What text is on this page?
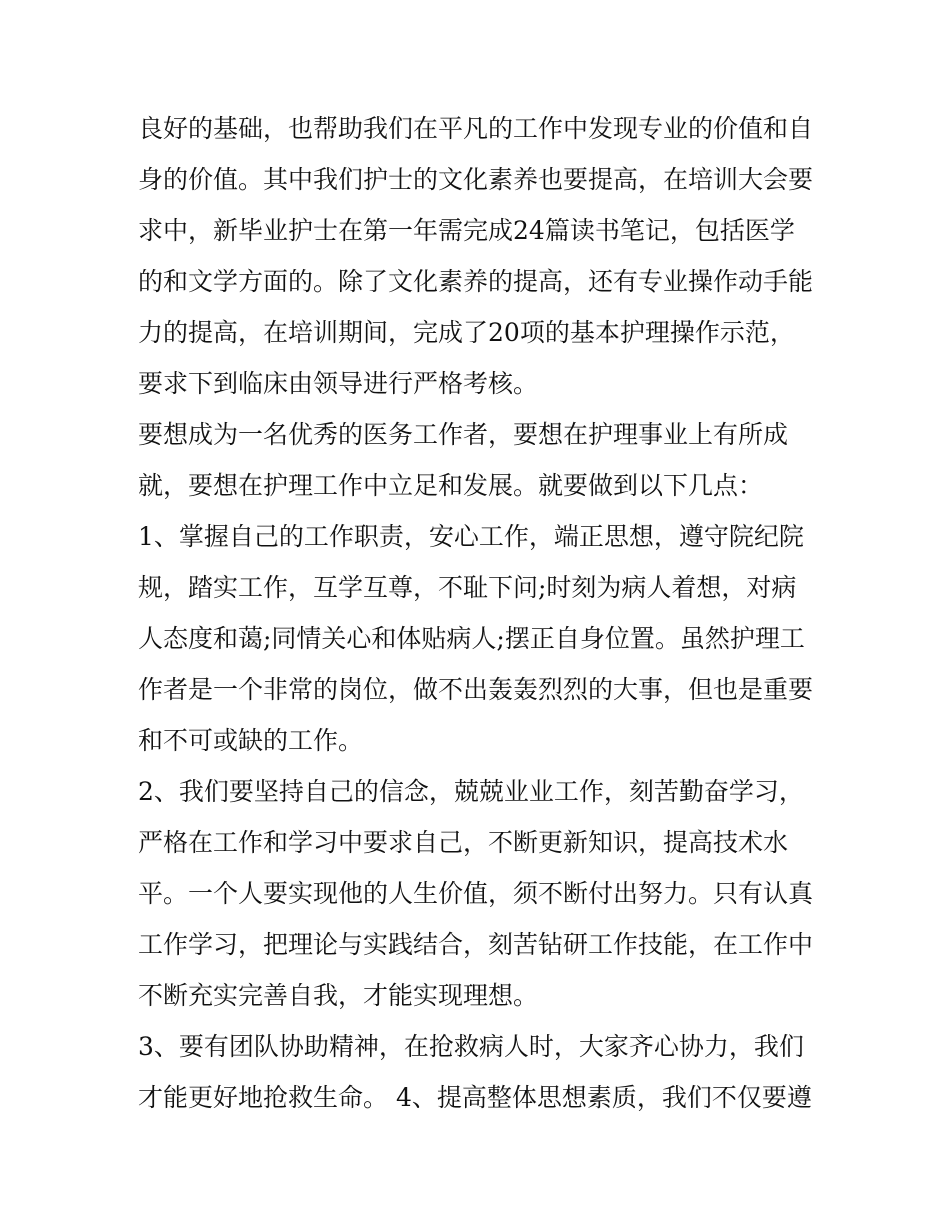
良好的基础，也帮助我们在平凡的工作中发现专业的价值和自
身的价值。其中我们护士的文化素养也要提高，在培训大会要
求中，新毕业护士在第一年需完成24篇读书笔记，包括医学
的和文学方面的。除了文化素养的提高，还有专业操作动手能
力的提高，在培训期间，完成了20项的基本护理操作示范，
要求下到临床由领导进行严格考核。
要想成为一名优秀的医务工作者，要想在护理事业上有所成
就，要想在护理工作中立足和发展。就要做到以下几点：
1、掌握自己的工作职责，安心工作，端正思想，遵守院纪院
规，踏实工作，互学互尊，不耻下问;时刻为病人着想，对病
人态度和蔼;同情关心和体贴病人;摆正自身位置。虽然护理工
作者是一个非常的岗位，做不出轰轰烈烈的大事，但也是重要
和不可或缺的工作。
2、我们要坚持自己的信念，兢兢业业工作，刻苦勤奋学习，
严格在工作和学习中要求自己，不断更新知识，提高技术水
平。一个人要实现他的人生价值，须不断付出努力。只有认真
工作学习，把理论与实践结合，刻苦钻研工作技能，在工作中
不断充实完善自我，才能实现理想。
3、要有团队协助精神，在抢救病人时，大家齐心协力，我们
才能更好地抢救生命。 4、提高整体思想素质，我们不仅要遵
